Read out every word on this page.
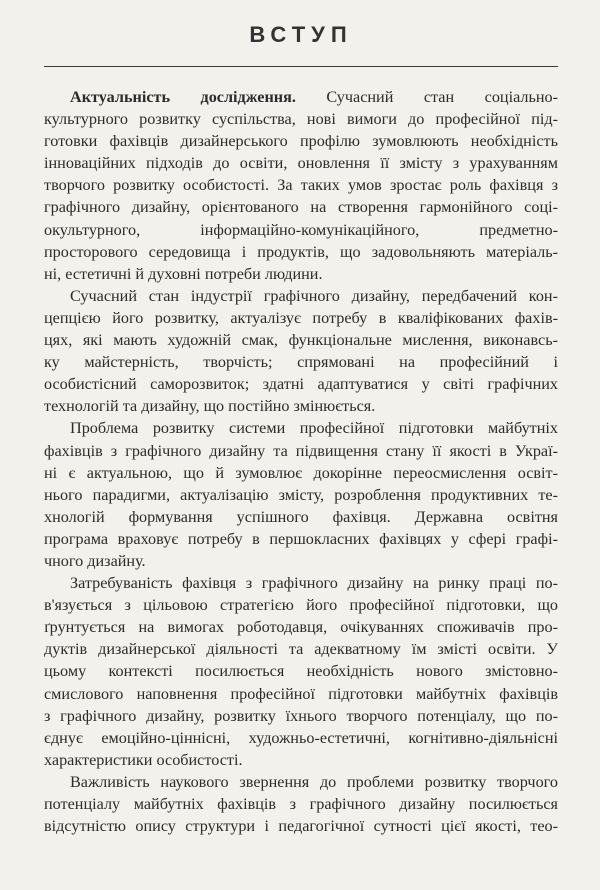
ВСТУП

Актуальність дослідження. Сучасний стан соціально-
культурного розвитку суспільства, нові вимоги до професійної під-
готовки фахівців дизайнерського профілю зумовлюють необхідність
інноваційних підходів до освіти, оновлення її змісту з урахуванням
творчого розвитку особистості. За таких умов зростає роль фахівця з
графічного дизайну, орієнтованого на створення гармонійного соці-
окультурного, інформаційно-комунікаційного, предметно-
просторового середовища і продуктів, що задовольняють матеріаль-
ні, естетичні й духовні потреби людини.

Сучасний стан індустрії графічного дизайну, передбачений кон-
цепцією його розвитку, актуалізує потребу в кваліфікованих фахів-
цях, які мають художній смак, функціональне мислення, виконавсь-
ку майстерність, творчість; спрямовані на професійний і
особистісний саморозвиток; здатні адаптуватися у світі графічних
технологій та дизайну, що постійно змінюється.

Проблема розвитку системи професійної підготовки майбутніх
фахівців з графічного дизайну та підвищення стану її якості в Украї-
ні є актуальною, що й зумовлює докорінне переосмислення освіт-
нього парадигми, актуалізацію змісту, розроблення продуктивних те-
хнологій формування успішного фахівця. Державна освітня
програма враховує потребу в першокласних фахівцях у сфері графі-
чного дизайну.

Затребуваність фахівця з графічного дизайну на ринку праці по-
в'язується з цільовою стратегією його професійної підготовки, що
ґрунтується на вимогах роботодавця, очікуваннях споживачів про-
дуктів дизайнерської діяльності та адекватному їм змісті освіти. У
цьому контексті посилюється необхідність нового змістовно-
смислового наповнення професійної підготовки майбутніх фахівців
з графічного дизайну, розвитку їхнього творчого потенціалу, що по-
єднує емоційно-ціннісні, художньо-естетичні, когнітивно-діяльнісні
характеристики особистості.

Важливість наукового звернення до проблеми розвитку творчого
потенціалу майбутніх фахівців з графічного дизайну посилюється
відсутністю опису структури і педагогічної сутності цієї якості, тео-
